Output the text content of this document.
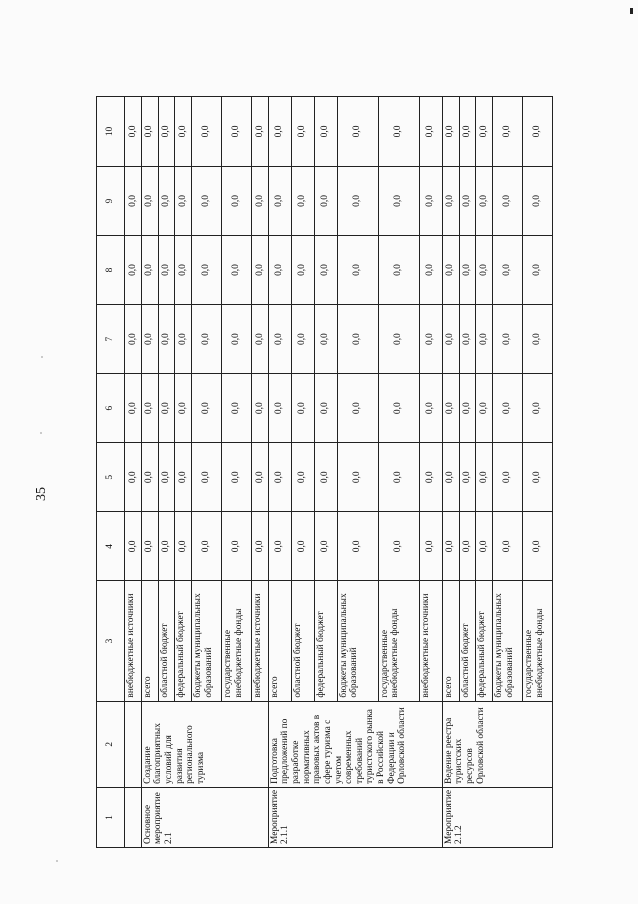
35
1	2	3	4	5	6	7	8	9	10
		внебюджетные источники	0,0	0,0	0,0	0,0	0,0	0,0	0,0
Основное мероприятие 2.1	Создание благоприятных условий для развития регионального туризма	всего	0,0	0,0	0,0	0,0	0,0	0,0	0,0
		областной бюджет	0,0	0,0	0,0	0,0	0,0	0,0	0,0
		федеральный бюджет	0,0	0,0	0,0	0,0	0,0	0,0	0,0
		бюджеты муниципальных образований	0,0	0,0	0,0	0,0	0,0	0,0	0,0
		государственные внебюджетные фонды	0,0	0,0	0,0	0,0	0,0	0,0	0,0
		внебюджетные источники	0,0	0,0	0,0	0,0	0,0	0,0	0,0
Мероприятие 2.1.1	Подготовка предложений по разработке нормативных правовых актов в сфере туризма с учетом современных требований туристского рынка в Российской Федерации и Орловской области	всего	0,0	0,0	0,0	0,0	0,0	0,0	0,0
		областной бюджет	0,0	0,0	0,0	0,0	0,0	0,0	0,0
		федеральный бюджет	0,0	0,0	0,0	0,0	0,0	0,0	0,0
		бюджеты муниципальных образований	0,0	0,0	0,0	0,0	0,0	0,0	0,0
		государственные внебюджетные фонды	0,0	0,0	0,0	0,0	0,0	0,0	0,0
		внебюджетные источники	0,0	0,0	0,0	0,0	0,0	0,0	0,0
Мероприятие 2.1.2	Ведение реестра туристских ресурсов Орловской области	всего	0,0	0,0	0,0	0,0	0,0	0,0	0,0
		областной бюджет	0,0	0,0	0,0	0,0	0,0	0,0	0,0
		федеральный бюджет	0,0	0,0	0,0	0,0	0,0	0,0	0,0
		бюджеты муниципальных образований	0,0	0,0	0,0	0,0	0,0	0,0	0,0
		государственные внебюджетные фонды	0,0	0,0	0,0	0,0	0,0	0,0	0,0
